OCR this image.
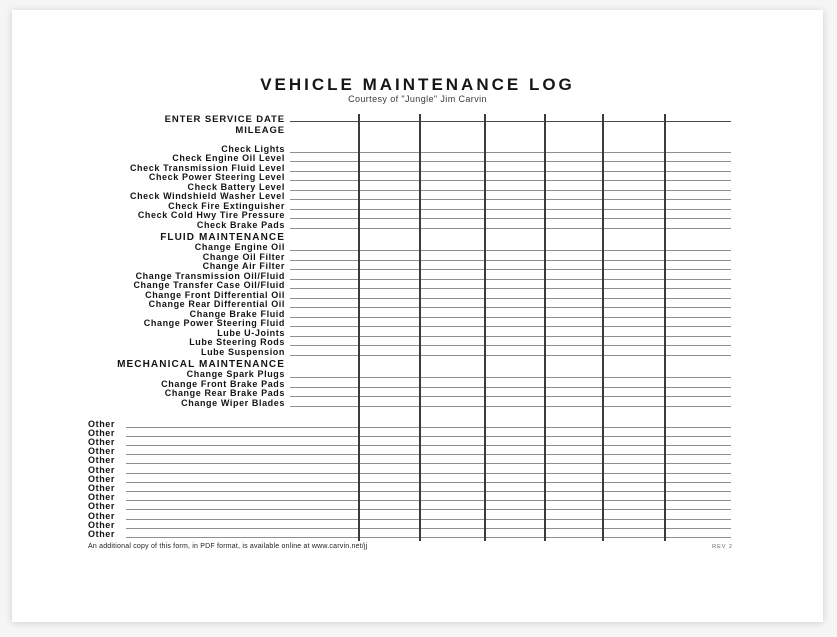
VEHICLE MAINTENANCE LOG
Courtesy of "Jungle" Jim Carvin
ENTER SERVICE DATE
MILEAGE
Check Lights
Check Engine Oil Level
Check Transmission Fluid Level
Check Power Steering Level
Check Battery Level
Check Windshield Washer Level
Check Fire Extinguisher
Check Cold Hwy Tire Pressure
Check Brake Pads
FLUID MAINTENANCE
Change Engine Oil
Change Oil Filter
Change Air Filter
Change Transmission Oil/Fluid
Change Transfer Case Oil/Fluid
Change Front Differential Oil
Change Rear Differential Oil
Change Brake Fluid
Change Power Steering Fluid
Lube U-Joints
Lube Steering Rods
Lube Suspension
MECHANICAL MAINTENANCE
Change Spark Plugs
Change Front Brake Pads
Change Rear Brake Pads
Change Wiper Blades
Other
Other
Other
Other
Other
Other
Other
Other
Other
Other
Other
Other
Other
An additional copy of this form, in PDF format, is available online at www.carvin.net/jj	REV 2
